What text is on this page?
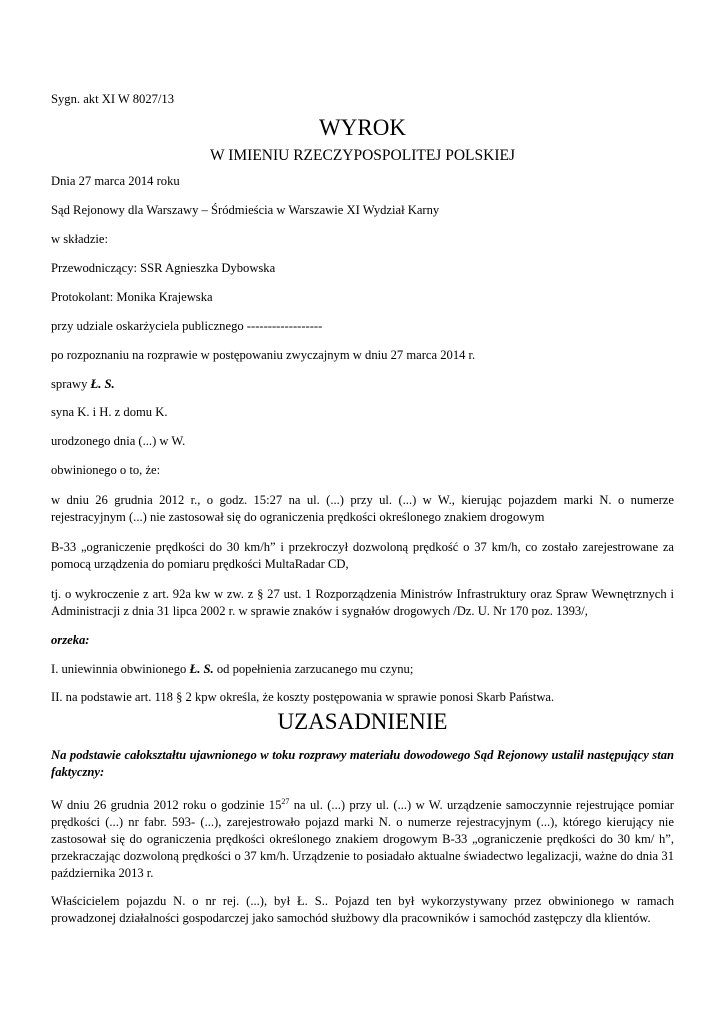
Sygn. akt XI W 8027/13

WYROK
W IMIENIU RZECZYPOSPOLITEJ POLSKIEJ

Dnia 27 marca 2014 roku

Sąd Rejonowy dla Warszawy – Śródmieścia w Warszawie XI Wydział Karny

w składzie:

Przewodniczący: SSR Agnieszka Dybowska

Protokolant: Monika Krajewska

przy udziale oskarżyciela publicznego ------------------

po rozpoznaniu na rozprawie w postępowaniu zwyczajnym w dniu 27 marca 2014 r.

sprawy Ł. S.

syna K. i H. z domu K.

urodzonego dnia (...) w W.

obwinionego o to, że:

w dniu 26 grudnia 2012 r., o godz. 15:27 na ul. (...) przy ul. (...) w W., kierując pojazdem marki N. o numerze rejestracyjnym (...) nie zastosował się do ograniczenia prędkości określonego znakiem drogowym

B-33 „ograniczenie prędkości do 30 km/h” i przekroczył dozwoloną prędkość o 37 km/h, co zostało zarejestrowane za pomocą urządzenia do pomiaru prędkości MultaRadar CD,

tj. o wykroczenie z art. 92a kw w zw. z § 27 ust. 1 Rozporządzenia Ministrów Infrastruktury oraz Spraw Wewnętrznych i Administracji z dnia 31 lipca 2002 r. w sprawie znaków i sygnałów drogowych /Dz. U. Nr 170 poz. 1393/,

orzeka:

I. uniewinnia obwinionego Ł. S. od popełnienia zarzucanego mu czynu;

II. na podstawie art. 118 § 2 kpw określa, że koszty postępowania w sprawie ponosi Skarb Państwa.

UZASADNIENIE

Na podstawie całokształtu ujawnionego w toku rozprawy materiału dowodowego Sąd Rejonowy ustalił następujący stan faktyczny:

W dniu 26 grudnia 2012 roku o godzinie $15^{27}$ na ul. (...) przy ul. (...) w W. urządzenie samoczynnie rejestrujące pomiar prędkości (...) nr fabr. 593- (...), zarejestrowało pojazd marki N. o numerze rejestracyjnym (...), którego kierujący nie zastosował się do ograniczenia prędkości określonego znakiem drogowym B-33 „ograniczenie prędkości do 30 km/ h”, przekraczając dozwoloną prędkości o 37 km/h. Urządzenie to posiadało aktualne świadectwo legalizacji, ważne do dnia 31 października 2013 r.

Właścicielem pojazdu N. o nr rej. (...), był Ł. S.. Pojazd ten był wykorzystywany przez obwinionego w ramach prowadzonej działalności gospodarczej jako samochód służbowy dla pracowników i samochód zastępczy dla klientów.
